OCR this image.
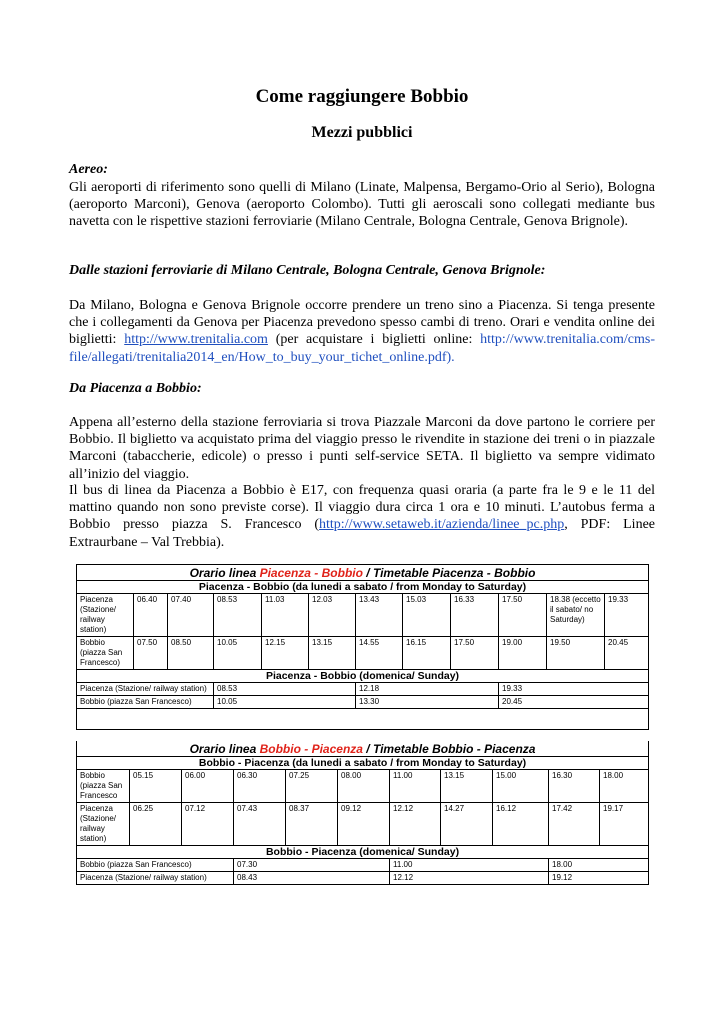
Come raggiungere Bobbio
Mezzi pubblici

Aereo:

Gli aeroporti di riferimento sono quelli di Milano (Linate, Malpensa, Bergamo-Orio al Serio), Bologna (aeroporto Marconi), Genova (aeroporto Colombo). Tutti gli aeroscali sono collegati mediante bus navetta con le rispettive stazioni ferroviarie (Milano Centrale, Bologna Centrale, Genova Brignole).

Dalle stazioni ferroviarie di Milano Centrale, Bologna Centrale, Genova Brignole:

Da Milano, Bologna e Genova Brignole occorre prendere un treno sino a Piacenza. Si tenga presente che i collegamenti da Genova per Piacenza prevedono spesso cambi di treno. Orari e vendita online dei biglietti: http://www.trenitalia.com (per acquistare i biglietti online: http://www.trenitalia.com/cms-file/allegati/trenitalia2014_en/How_to_buy_your_tichet_online.pdf).

Da Piacenza a Bobbio:

Appena all’esterno della stazione ferroviaria si trova Piazzale Marconi da dove partono le corriere per Bobbio. Il biglietto va acquistato prima del viaggio presso le rivendite in stazione dei treni o in piazzale Marconi (tabaccherie, edicole) o presso i punti self-service SETA. Il biglietto va sempre vidimato all’inizio del viaggio.

Il bus di linea da Piacenza a Bobbio è E17, con frequenza quasi oraria (a parte fra le 9 e le 11 del mattino quando non sono previste corse). Il viaggio dura circa 1 ora e 10 minuti. L’autobus ferma a Bobbio presso piazza S. Francesco (http://www.setaweb.it/azienda/linee_pc.php, PDF: Linee Extraurbane – Val Trebbia).

Orario linea Piacenza - Bobbio / Timetable Piacenza - Bobbio											
Piacenza - Bobbio (da lunedi a sabato / from Monday to Saturday)											
Piacenza (Stazione/ railway station)	06.40	07.40	08.53	11.03	12.03	13.43	15.03	16.33	17.50	18.38 (eccetto il sabato/ no Saturday)	19.33
Bobbio (piazza San Francesco)	07.50	08.50	10.05	12.15	13.15	14.55	16.15	17.50	19.00	19.50	20.45
Piacenza - Bobbio (domenica/ Sunday)											
Piacenza (Stazione/ railway station)			08.53			12.18			19.33		
Bobbio (piazza San Francesco)			10.05			13.30			20.45		

Orario linea Bobbio - Piacenza / Timetable Bobbio - Piacenza										
Bobbio - Piacenza (da lunedi a sabato / from Monday to Saturday)										
Bobbio (piazza San Francesco	05.15	06.00	06.30	07.25	08.00	11.00	13.15	15.00	16.30	18.00
Piacenza (Stazione/ railway station)	06.25	07.12	07.43	08.37	09.12	12.12	14.27	16.12	17.42	19.17
Bobbio - Piacenza (domenica/ Sunday)										
Bobbio (piazza San Francesco)			07.30			11.00			18.00	
Piacenza (Stazione/ railway station)			08.43			12.12			19.12	
